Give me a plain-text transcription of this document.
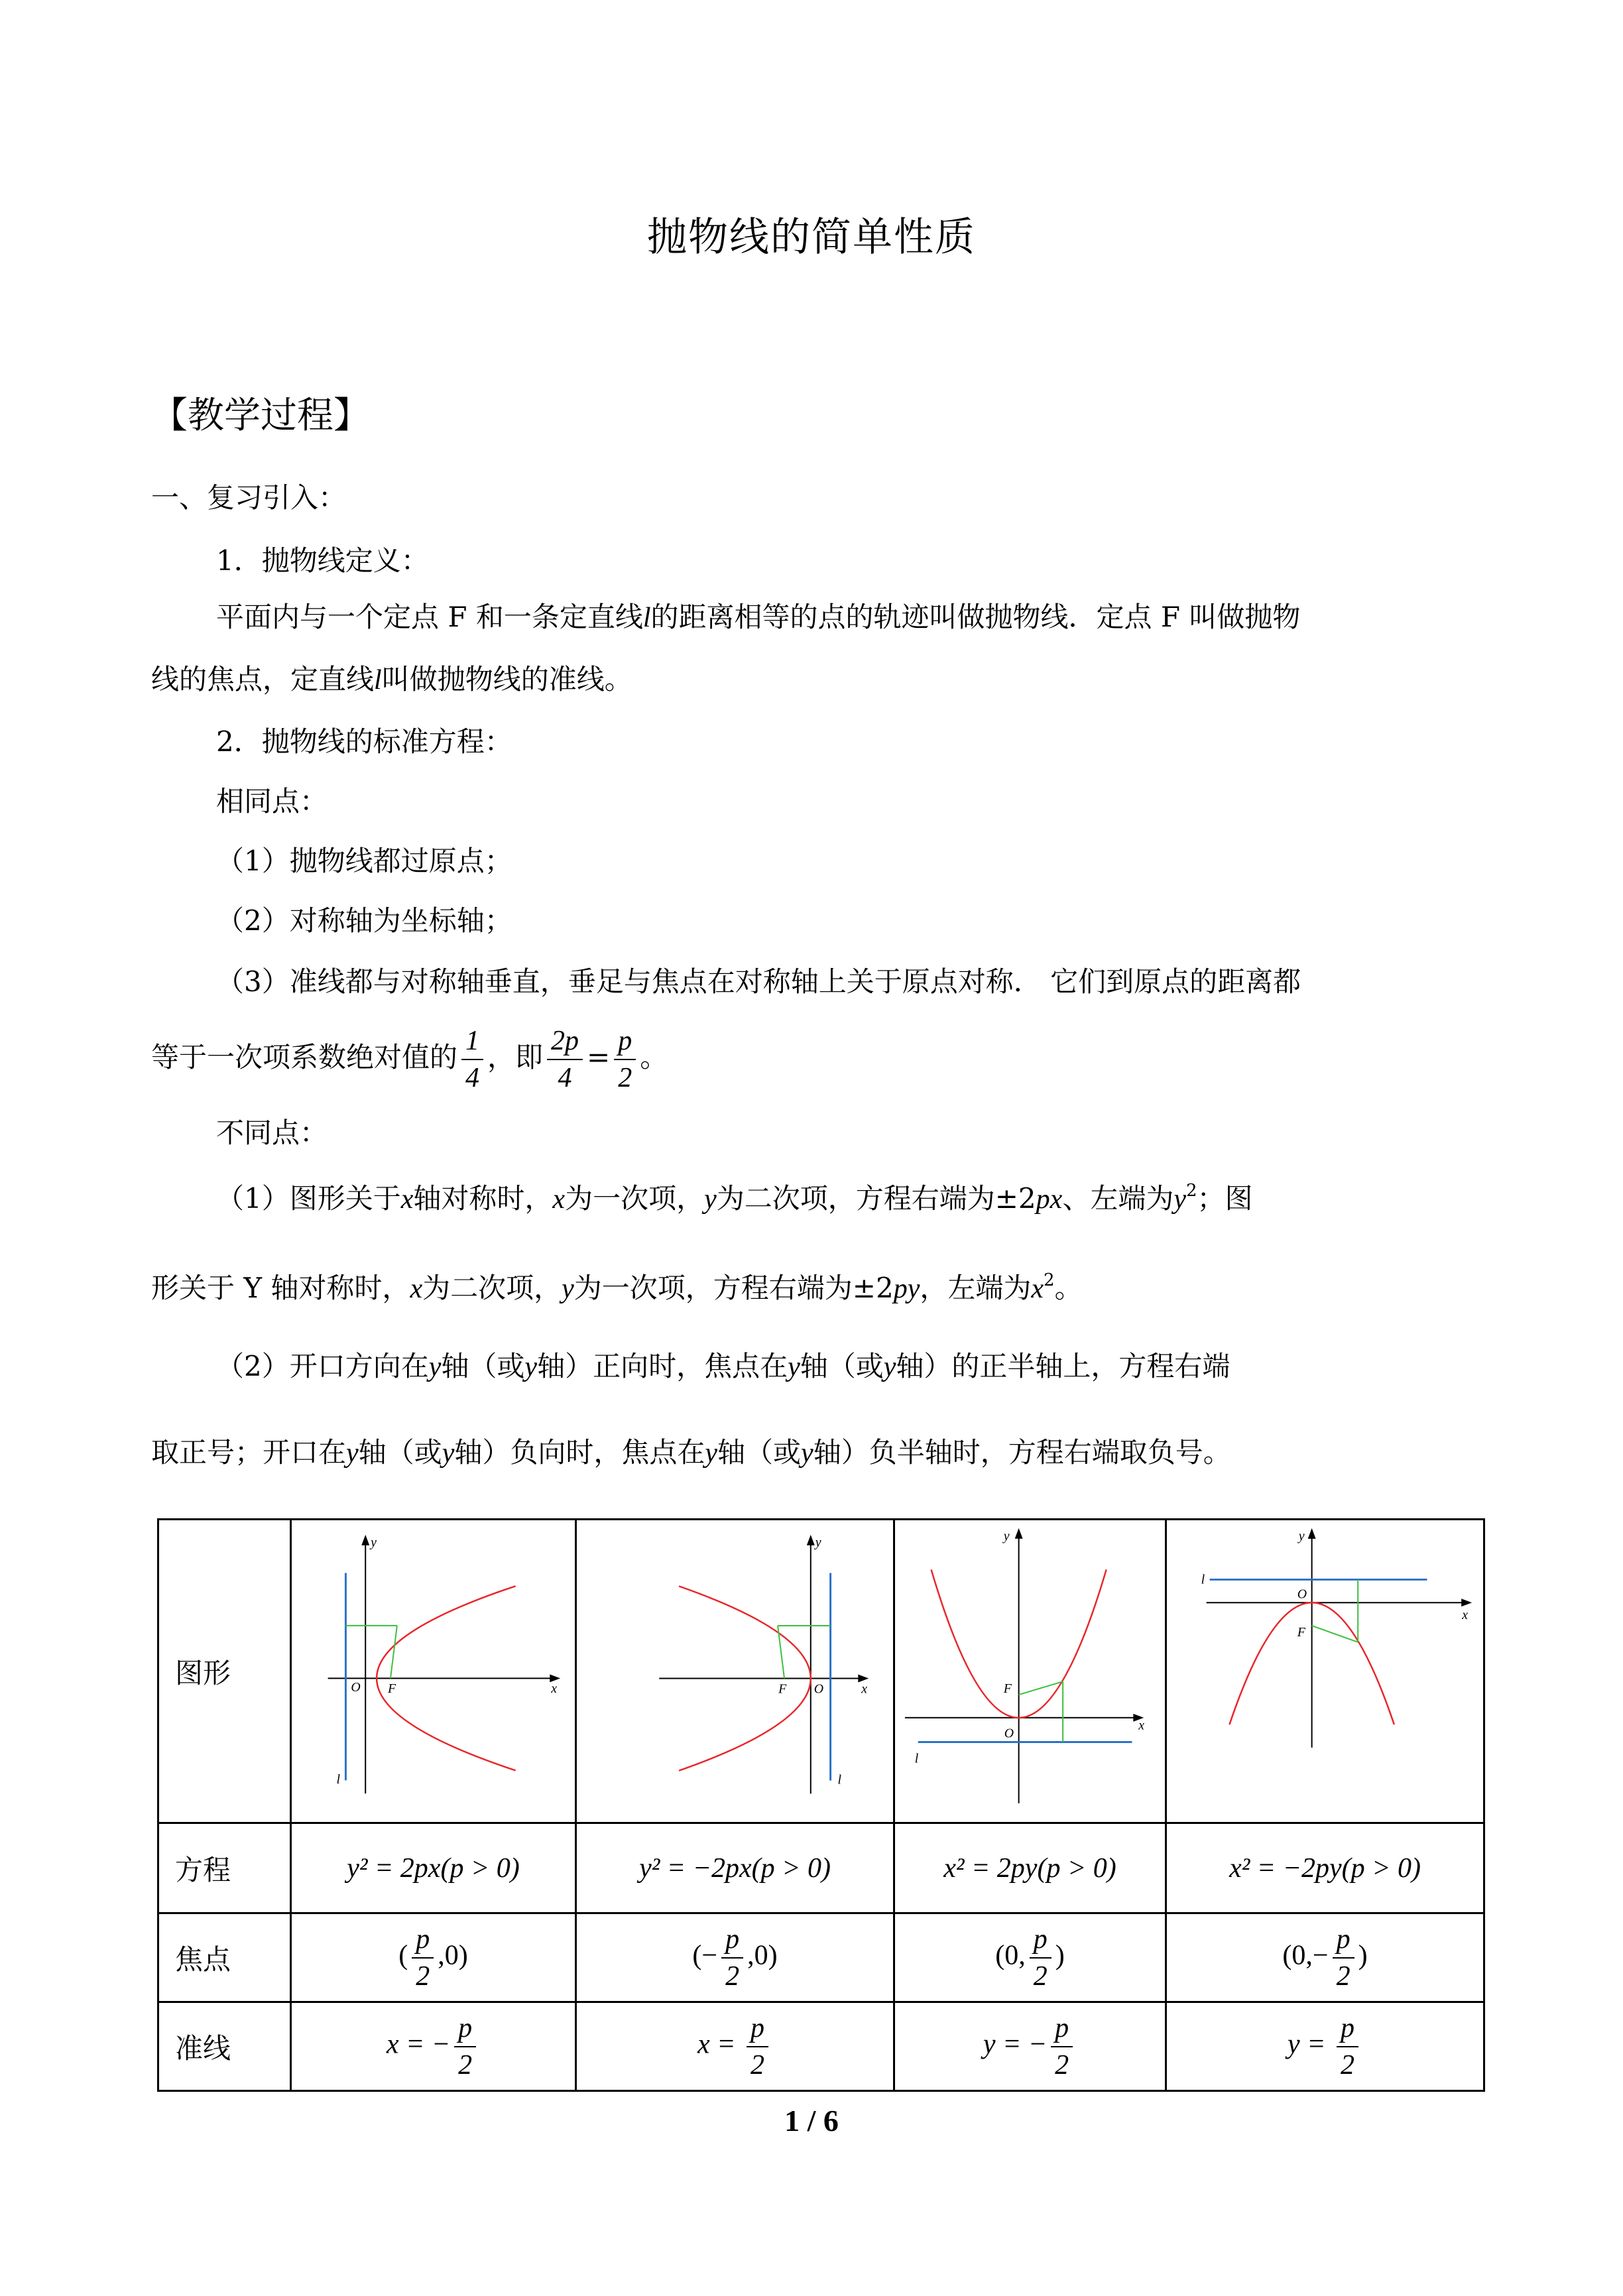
抛物线的简单性质
【教学过程】
一、复习引入：
1．抛物线定义：
平面内与一个定点 F 和一条定直线l的距离相等的点的轨迹叫做抛物线．定点 F 叫做抛物
线的焦点，定直线l叫做抛物线的准线。
2．抛物线的标准方程：
相同点：
（1）抛物线都过原点；
（2）对称轴为坐标轴；
（3）准线都与对称轴垂直，垂足与焦点在对称轴上关于原点对称． 它们到原点的距离都
等于一次项系数绝对值的 $\frac{1}{4}$ ，即 $\frac{2p}{4} = \frac{p}{2}$ 。
不同点：
（1）图形关于x轴对称时，x为一次项，y为二次项，方程右端为±2px、左端为$y^2$；图
形关于 Y 轴对称时，x为二次项，y为一次项，方程右端为±2py，左端为$x^2$。
（2）开口方向在y轴（或y轴）正向时，焦点在y轴（或y轴）的正半轴上，方程右端
取正号；开口在y轴（或y轴）负向时，焦点在y轴（或y轴）负半轴时，方程右端取负号。
图形	O F x
y
l	O
F x
y
l	O
F
x
y
l	O
F
x
y
l

方程	y² = 2px(p > 0)	y² = −2px(p > 0)	x² = 2py(p > 0)	x² = −2py(p > 0)
焦点	( $\frac{p}{2} ,0$)	(− $\frac{p}{2} ,0$)	(0, $\frac{p}{2}$ )	($0,- \frac{p}{2}$ )
准线	x = − $\frac{p}{2}$	$x = \frac{p}{2}$	y = − $\frac{p}{2}$	$y = \frac{p}{2}$
1 / 6
